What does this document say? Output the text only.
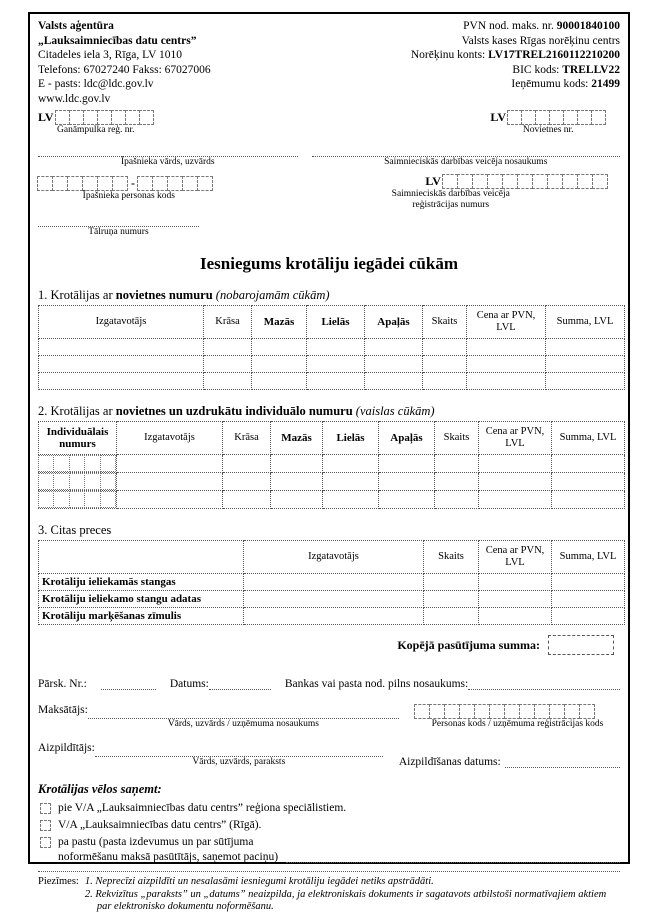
Valsts aģentūra
„Lauksaimniecības datu centrs”
Citadeles iela 3, Rīga, LV 1010
Telefons: 67027240 Fakss: 67027006
E - pasts: ldc@ldc.gov.lv
www.ldc.gov.lv
PVN nod. maks. nr. 90001840100
Valsts kases Rīgas norēķinu centrs
Norēķinu konts: LV17TREL2160112210200
BIC kods: TRELLV22
Ieņēmumu kods: 21499
LV
Ganāmpulka reģ. nr.
LV
Novietnes nr.
Īpašnieka vārds, uzvārds
-
Īpašnieka personas kods
Tālruņa numurs
Saimnieciskās darbības veicēja nosaukums
LV
Saimnieciskās darbības veicēja
reģistrācijas numurs
Iesniegums krotāliju iegādei cūkām
1. Krotālijas ar novietnes numuru (nobarojamām cūkām)
Izgatavotājs	Krāsa	Mazās	Lielās	Apaļās	Skaits	Cena ar PVN, LVL	Summa, LVL

2. Krotālijas ar novietnes un uzdrukātu individuālo numuru (vaislas cūkām)
Individuālais numurs	Izgatavotājs	Krāsa	Mazās	Lielās	Apaļās	Skaits	Cena ar PVN, LVL	Summa, LVL

3. Citas preces
	Izgatavotājs	Skaits	Cena ar PVN, LVL	Summa, LVL
Krotāliju ieliekamās stangas				
Krotāliju ieliekamo stangu adatas				
Krotāliju marķēšanas zīmulis				
Kopējā pasūtījuma summa:
Pārsk. Nr.:	Datums:	Bankas vai pasta nod. pilns nosaukums:
Maksātājs:
Vārds, uzvārds / uzņēmuma nosaukums	Personas kods / uzņēmuma reģistrācijas kods
Aizpildītājs:
Vārds, uzvārds, paraksts	Aizpildīšanas datums:
Krotālijas vēlos saņemt:
pie V/A „Lauksaimniecības datu centrs” reģiona speciālistiem.
V/A „Lauksaimniecības datu centrs” (Rīgā).
pa pastu (pasta izdevumus un par sūtījuma
noformēšanu maksā pasūtītājs, saņemot paciņu)
Piezīmes: 1. Neprecīzi aizpildīti un nesalasāmi iesniegumi krotāliju iegādei netiks apstrādāti.
2. Rekvizītus „paraksts” un „datums” neaizpilda, ja elektroniskais dokuments ir sagatavots atbilstoši normatīvajiem aktiem par elektronisko dokumentu noformēšanu.
